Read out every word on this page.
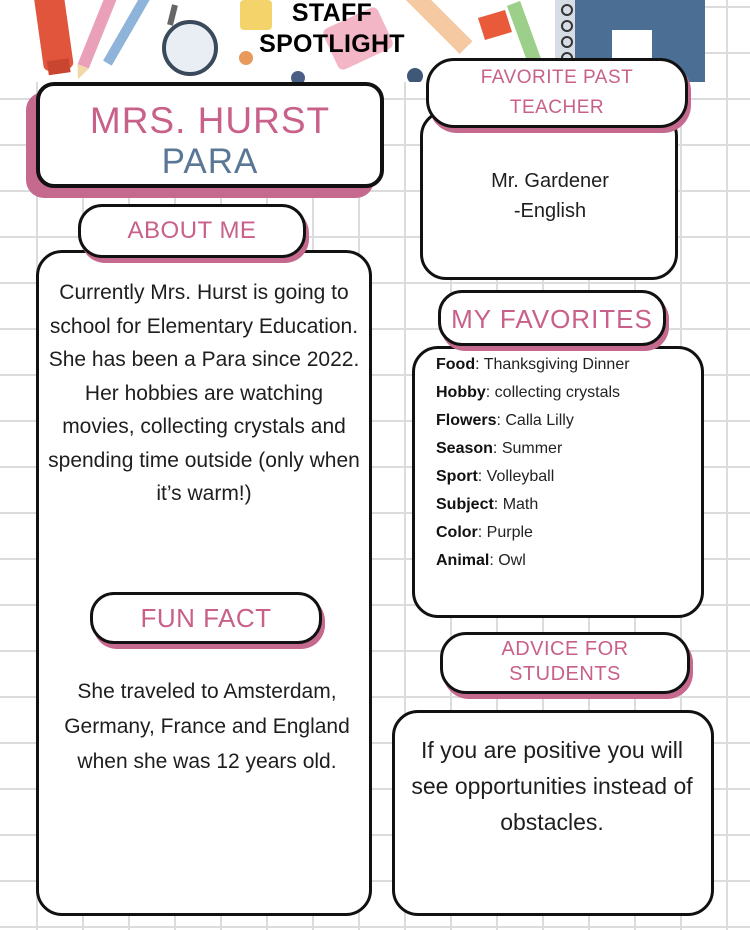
STAFF
SPOTLIGHT
MRS. HURST
PARA
ABOUT ME
Currently Mrs. Hurst is going to school for Elementary Education. She has been a Para since 2022. Her hobbies are watching movies, collecting crystals and spending time outside (only when it’s warm!)
FUN FACT
She traveled to Amsterdam, Germany, France and England when she was 12 years old.
FAVORITE PAST TEACHER
Mr. Gardener
-English
MY FAVORITES
Food: Thanksgiving Dinner
Hobby: collecting crystals
Flowers: Calla Lilly
Season: Summer
Sport: Volleyball
Subject: Math
Color: Purple
Animal: Owl
ADVICE FOR STUDENTS
If you are positive you will see opportunities instead of obstacles.
